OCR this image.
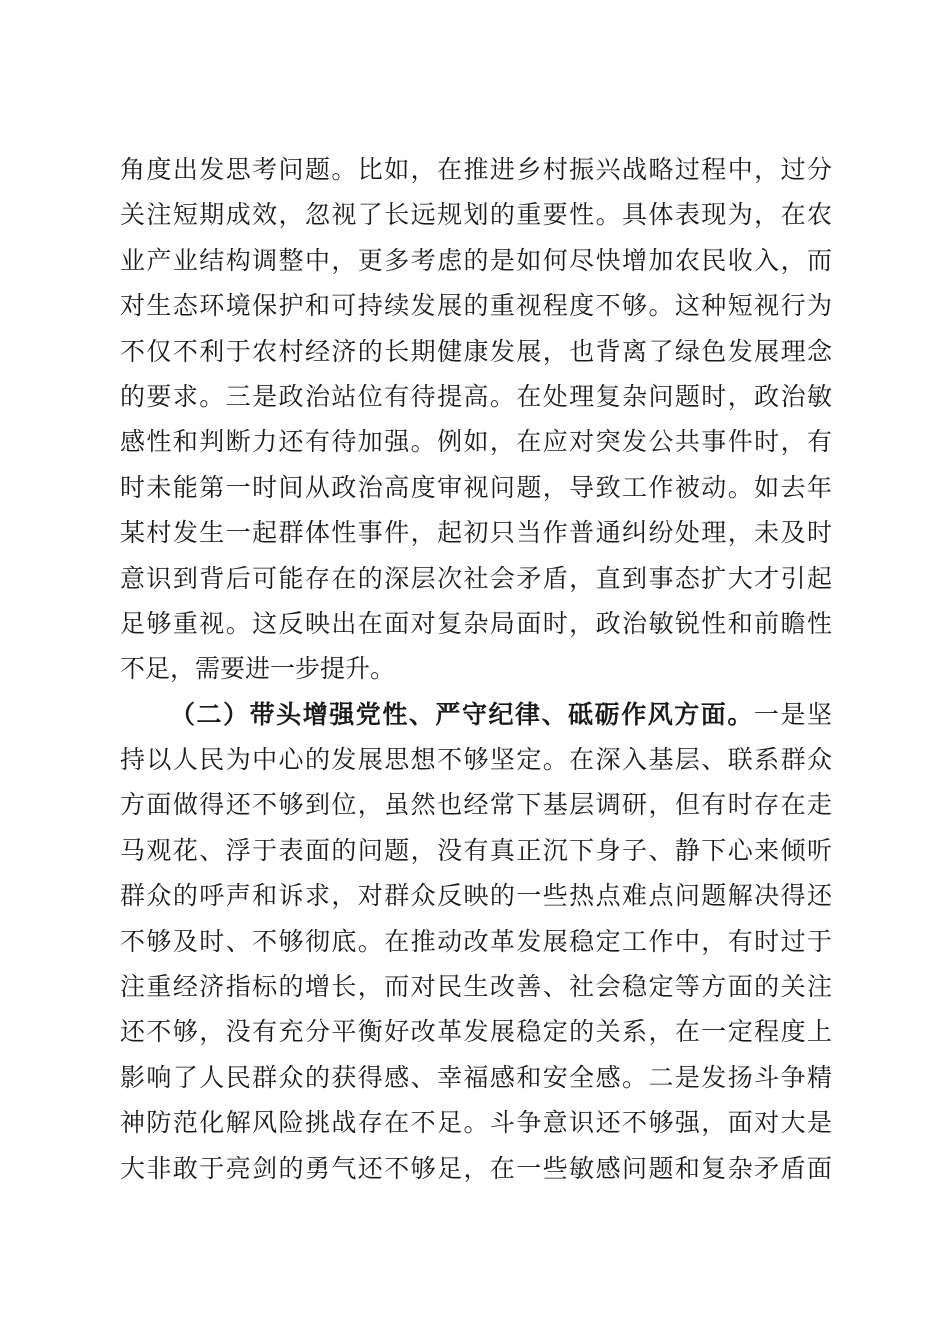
角度出发思考问题。比如，在推进乡村振兴战略过程中，过分
关注短期成效，忽视了长远规划的重要性。具体表现为，在农
业产业结构调整中，更多考虑的是如何尽快增加农民收入，而
对生态环境保护和可持续发展的重视程度不够。这种短视行为
不仅不利于农村经济的长期健康发展，也背离了绿色发展理念
的要求。三是政治站位有待提高。在处理复杂问题时，政治敏
感性和判断力还有待加强。例如，在应对突发公共事件时，有
时未能第一时间从政治高度审视问题，导致工作被动。如去年
某村发生一起群体性事件，起初只当作普通纠纷处理，未及时
意识到背后可能存在的深层次社会矛盾，直到事态扩大才引起
足够重视。这反映出在面对复杂局面时，政治敏锐性和前瞻性
不足，需要进一步提升。
（二）带头增强党性、严守纪律、砥砺作风方面。一是坚
持以人民为中心的发展思想不够坚定。在深入基层、联系群众
方面做得还不够到位，虽然也经常下基层调研，但有时存在走
马观花、浮于表面的问题，没有真正沉下身子、静下心来倾听
群众的呼声和诉求，对群众反映的一些热点难点问题解决得还
不够及时、不够彻底。在推动改革发展稳定工作中，有时过于
注重经济指标的增长，而对民生改善、社会稳定等方面的关注
还不够，没有充分平衡好改革发展稳定的关系，在一定程度上
影响了人民群众的获得感、幸福感和安全感。二是发扬斗争精
神防范化解风险挑战存在不足。斗争意识还不够强，面对大是
大非敢于亮剑的勇气还不够足，在一些敏感问题和复杂矛盾面
